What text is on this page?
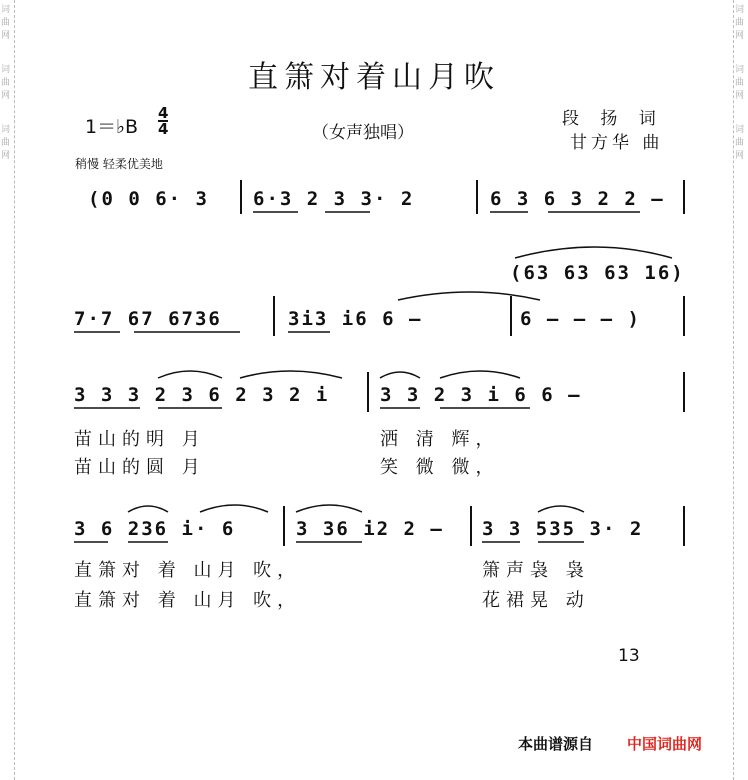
词曲网
词曲网
词曲网
词曲网
词曲网
词曲网
直箫对着山月吹
1＝♭B
4
4	（女声独唱）
段 扬 词
甘方华 曲
稍慢 轻柔优美地
(0 0 6· 3 6·3 2 3 3· 2	6 3 6 3 2 2 —
(63 63 63 16)
7·7 67 6736	3i3 i6 6 —	6 — — — )
3 3 3 2 3 6 2 3 2 i	3 3 2 3 i 6 6 —
苗山的明 月	洒 清 辉，
苗山的圆 月	笑 微 微，
3 6 236 i· 6	3 36 i2 2 — 3 3 535 3· 2
直箫对 着 山月 吹，	箫声袅 袅
直箫对 着 山月 吹，	花裙晃 动
13
本曲谱源自 中国词曲网
